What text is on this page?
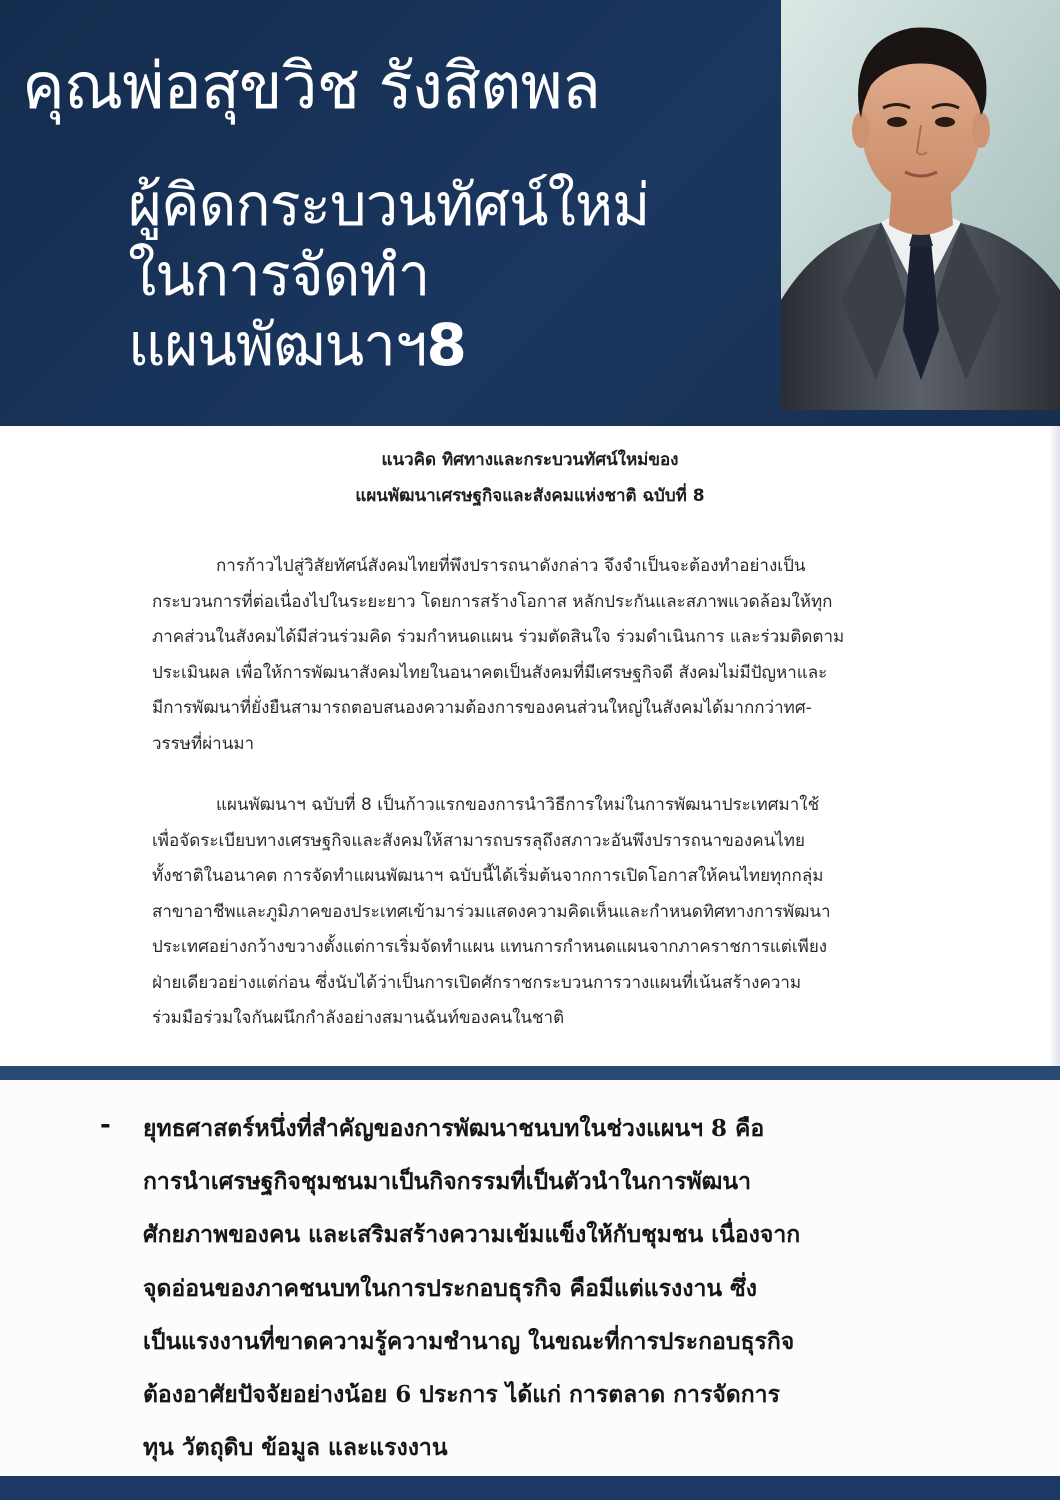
คุณพ่อสุขวิช รังสิตพล
ผู้คิดกระบวนทัศน์ใหม่
ในการจัดทำ
แผนพัฒนาฯ8
แนวคิด ทิศทางและกระบวนทัศน์ใหม่ของ
แผนพัฒนาเศรษฐกิจและสังคมแห่งชาติ ฉบับที่ 8
การก้าวไปสู่วิสัยทัศน์สังคมไทยที่พึงปรารถนาดังกล่าว จึงจำเป็นจะต้องทำอย่างเป็น
กระบวนการที่ต่อเนื่องไปในระยะยาว โดยการสร้างโอกาส หลักประกันและสภาพแวดล้อมให้ทุก
ภาคส่วนในสังคมได้มีส่วนร่วมคิด ร่วมกำหนดแผน ร่วมตัดสินใจ ร่วมดำเนินการ และร่วมติดตาม
ประเมินผล เพื่อให้การพัฒนาสังคมไทยในอนาคตเป็นสังคมที่มีเศรษฐกิจดี สังคมไม่มีปัญหาและ
มีการพัฒนาที่ยั่งยืนสามารถตอบสนองความต้องการของคนส่วนใหญ่ในสังคมได้มากกว่าทศ-
วรรษที่ผ่านมา
แผนพัฒนาฯ ฉบับที่ 8 เป็นก้าวแรกของการนำวิธีการใหม่ในการพัฒนาประเทศมาใช้
เพื่อจัดระเบียบทางเศรษฐกิจและสังคมให้สามารถบรรลุถึงสภาวะอันพึงปรารถนาของคนไทย
ทั้งชาติในอนาคต การจัดทำแผนพัฒนาฯ ฉบับนี้ได้เริ่มต้นจากการเปิดโอกาสให้คนไทยทุกกลุ่ม
สาขาอาชีพและภูมิภาคของประเทศเข้ามาร่วมแสดงความคิดเห็นและกำหนดทิศทางการพัฒนา
ประเทศอย่างกว้างขวางตั้งแต่การเริ่มจัดทำแผน แทนการกำหนดแผนจากภาคราชการแต่เพียง
ฝ่ายเดียวอย่างแต่ก่อน ซึ่งนับได้ว่าเป็นการเปิดศักราชกระบวนการวางแผนที่เน้นสร้างความ
ร่วมมือร่วมใจกันผนึกกำลังอย่างสมานฉันท์ของคนในชาติ
- ยุทธศาสตร์หนึ่งที่สำคัญของการพัฒนาชนบทในช่วงแผนฯ 8 คือ
การนำเศรษฐกิจชุมชนมาเป็นกิจกรรมที่เป็นตัวนำในการพัฒนา
ศักยภาพของคน และเสริมสร้างความเข้มแข็งให้กับชุมชน เนื่องจาก
จุดอ่อนของภาคชนบทในการประกอบธุรกิจ คือมีแต่แรงงาน ซึ่ง
เป็นแรงงานที่ขาดความรู้ความชำนาญ ในขณะที่การประกอบธุรกิจ
ต้องอาศัยปัจจัยอย่างน้อย 6 ประการ ได้แก่ การตลาด การจัดการ
ทุน วัตถุดิบ ข้อมูล และแรงงาน
